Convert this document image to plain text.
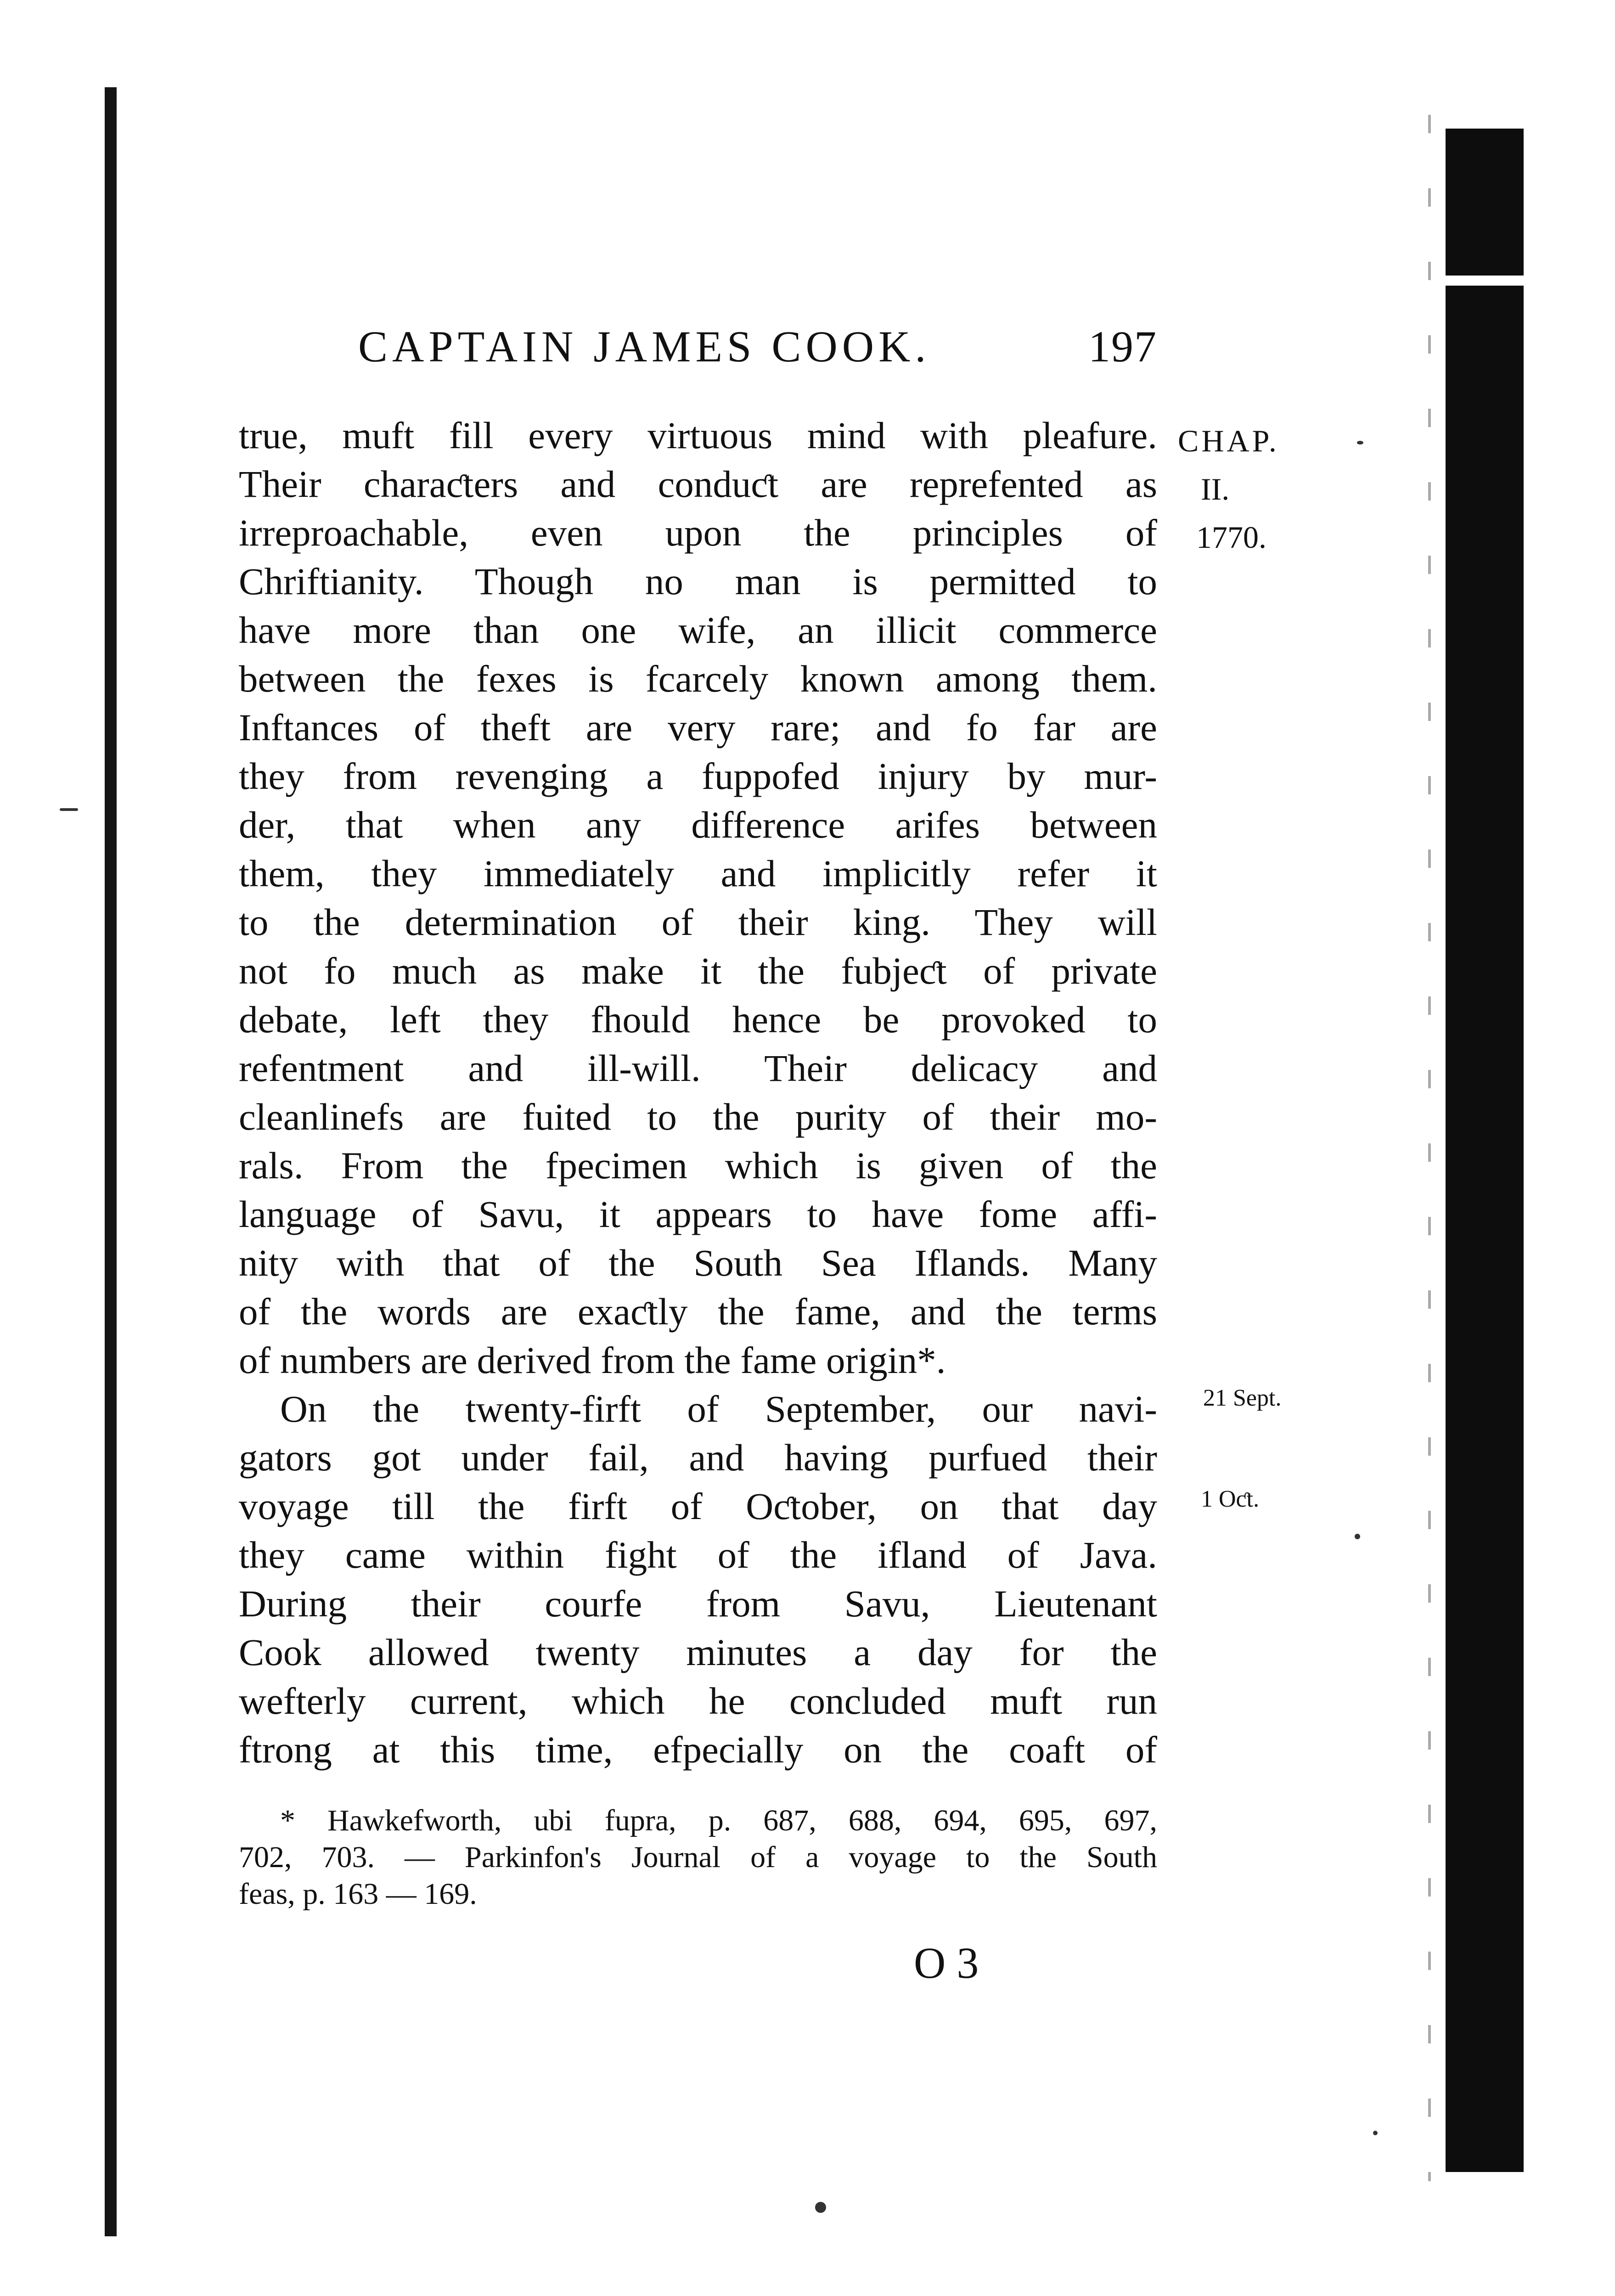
CAPTAIN JAMES COOK.	197
true, muft fill every virtuous mind with pleafure.
Their charaƈters and conduƈt are reprefented as
irreproachable, even upon the principles of
Chriftianity. Though no man is permitted to
have more than one wife, an illicit commerce
between the fexes is fcarcely known among them.
Inftances of theft are very rare; and fo far are
they from revenging a fuppofed injury by mur-
der, that when any difference arifes between
them, they immediately and implicitly refer it
to the determination of their king. They will
not fo much as make it the fubjeƈt of private
debate, left they fhould hence be provoked to
refentment and ill-will. Their delicacy and
cleanlinefs are fuited to the purity of their mo-
rals. From the fpecimen which is given of the
language of Savu, it appears to have fome affi-
nity with that of the South Sea Iflands. Many
of the words are exaƈtly the fame, and the terms
of numbers are derived from the fame origin*.
On the twenty-firft of September, our navi-
gators got under fail, and having purfued their
voyage till the firft of Oƈtober, on that day
they came within fight of the ifland of Java.
During their courfe from Savu, Lieutenant
Cook allowed twenty minutes a day for the
wefterly current, which he concluded muft run
ftrong at this time, efpecially on the coaft of
CHAP.
II.
1770.
21 Sept.
1 Oƈt.
* Hawkefworth, ubi fupra, p. 687, 688, 694, 695, 697,
702, 703. — Parkinfon's Journal of a voyage to the South
feas, p. 163 — 169.
O 3
